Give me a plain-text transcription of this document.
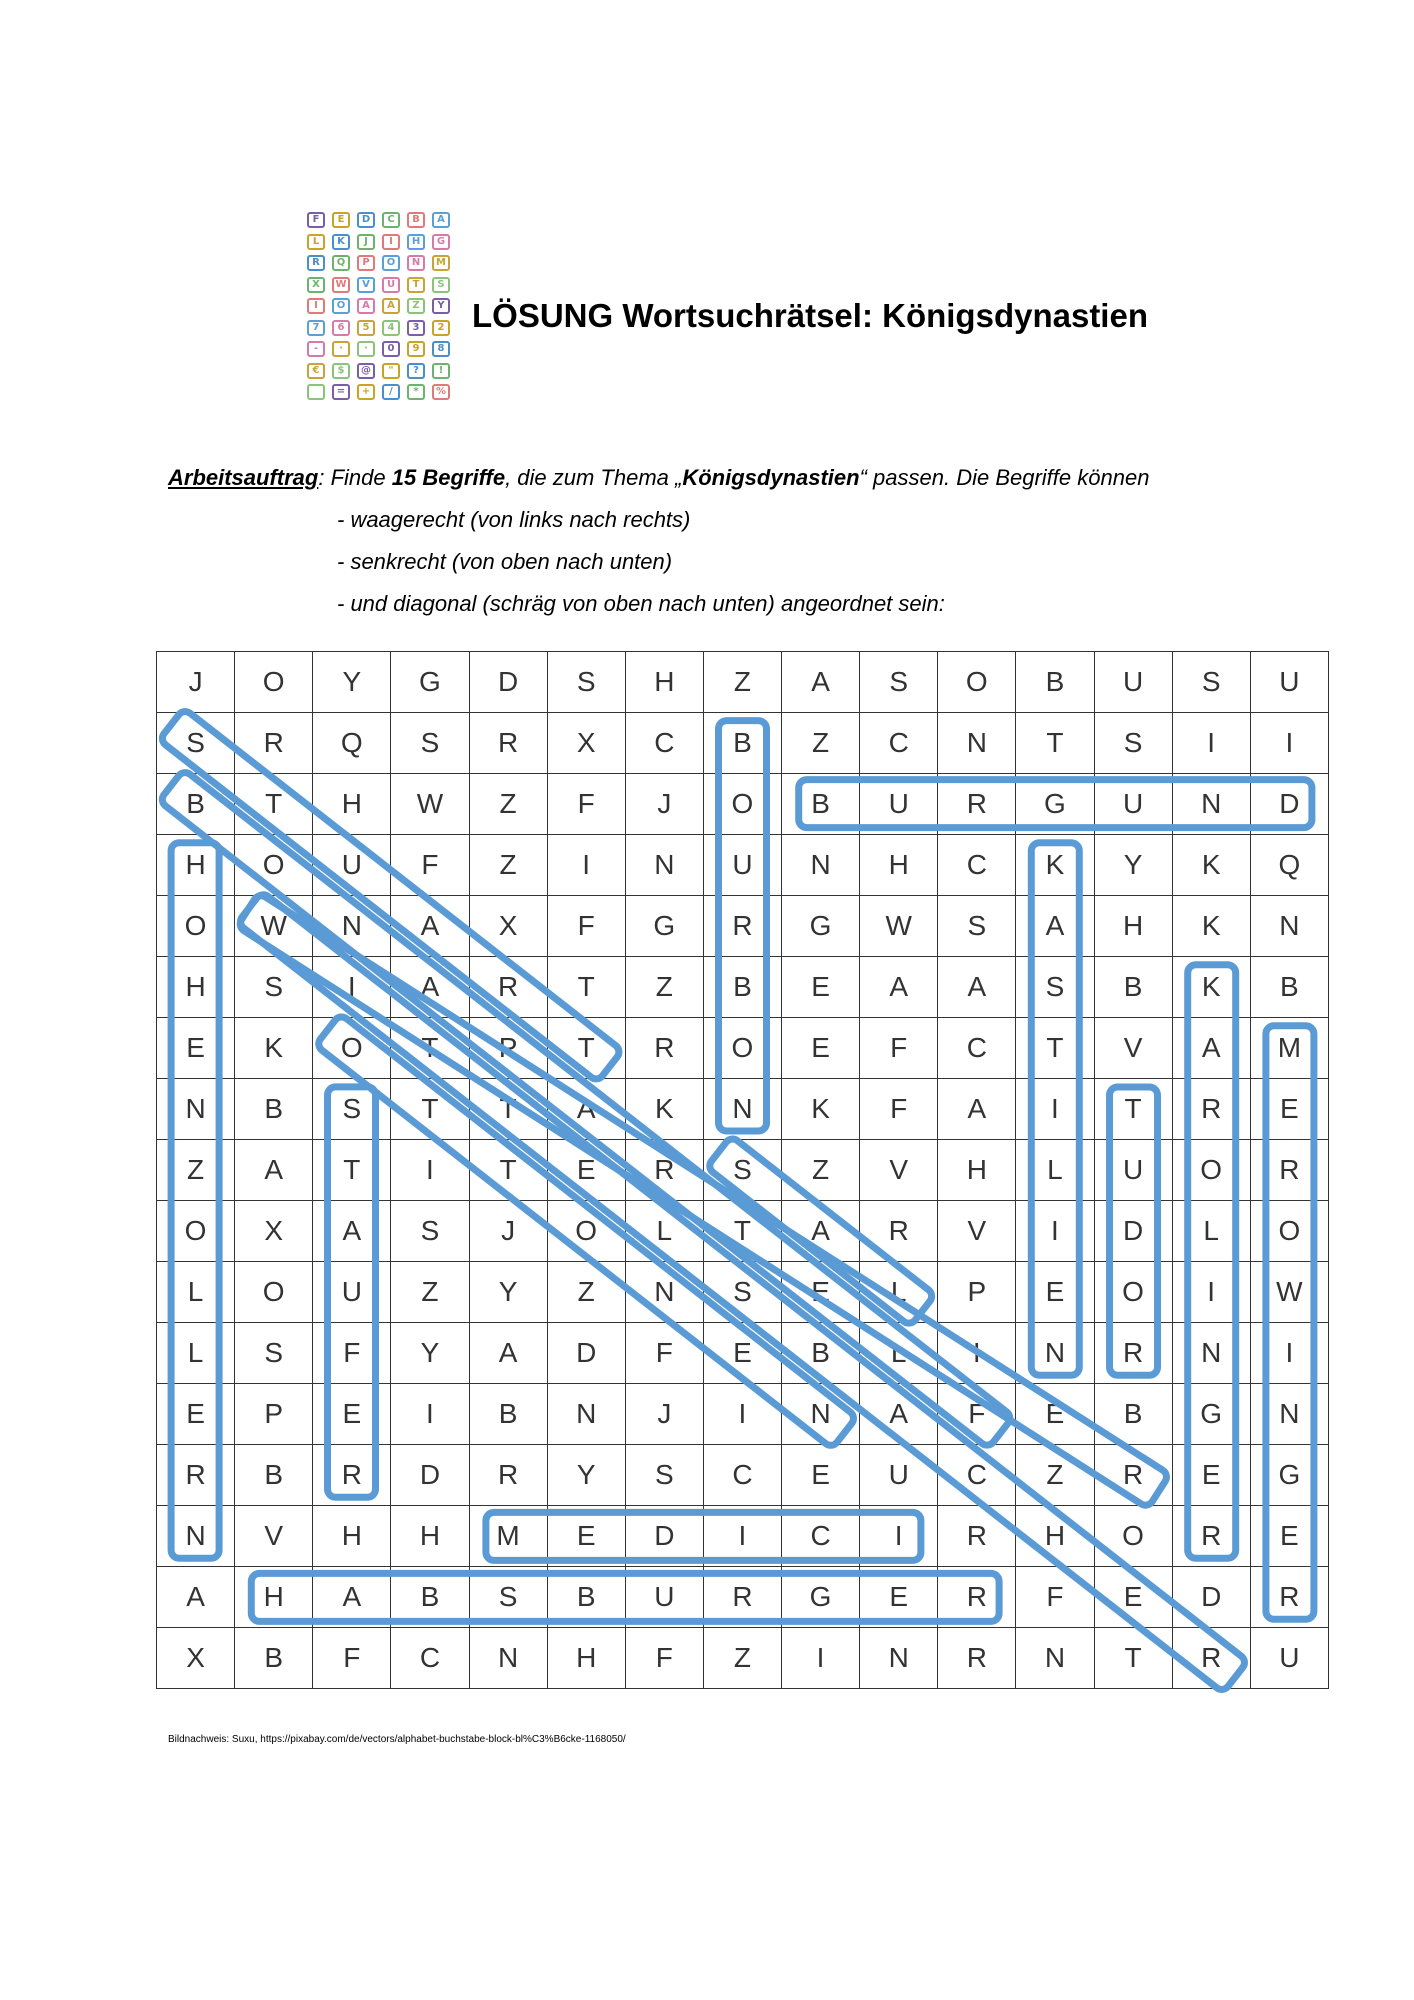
F	E	D	C	B	A
L	K	J	I	H	G
R	Q	P	O	N	M
X	W	V	U	T	S
I	Ö	Ä	Á	Z	Y
7	6	5	4	3	2
-	·	·	0	9	8
€	$	@	"	?	!
=	+	/	*	%
LÖSUNG Wortsuchrätsel: Königsdynastien
Arbeitsauftrag: Finde 15 Begriffe, die zum Thema „Königsdynastien“ passen. Die Begriffe können
- waagerecht (von links nach rechts)
- senkrecht (von oben nach unten)
- und diagonal (schräg von oben nach unten) angeordnet sein:
J	O	Y	G	D	S	H	Z	A	S	O	B	U	S	U
S	R	Q	S	R	X	C	B	Z	C	N	T	S	I	I
B	T	H	W	Z	F	J	O	B	U	R	G	U	N	D
H	O	U	F	Z	I	N	U	N	H	C	K	Y	K	Q
O	W	N	A	X	F	G	R	G	W	S	A	H	K	N
H	S	I	A	R	T	Z	B	E	A	A	S	B	K	B
E	K	O	T	P	T	R	O	E	F	C	T	V	A	M
N	B	S	T	T	A	K	N	K	F	A	I	T	R	E
Z	A	T	I	T	E	R	S	Z	V	H	L	U	O	R
O	X	A	S	J	O	L	T	A	R	V	I	D	L	O
L	O	U	Z	Y	Z	N	S	E	L	P	E	O	I	W
L	S	F	Y	A	D	F	E	B	L	I	N	R	N	I
E	P	E	I	B	N	J	I	N	A	F	E	B	G	N
R	B	R	D	R	Y	S	C	E	U	C	Z	R	E	G
N	V	H	H	M	E	D	I	C	I	R	H	O	R	E
A	H	A	B	S	B	U	R	G	E	R	F	E	D	R
X	B	F	C	N	H	F	Z	I	N	R	N	T	R	U
Bildnachweis: Suxu, https://pixabay.com/de/vectors/alphabet-buchstabe-block-bl%C3%B6cke-1168050/
